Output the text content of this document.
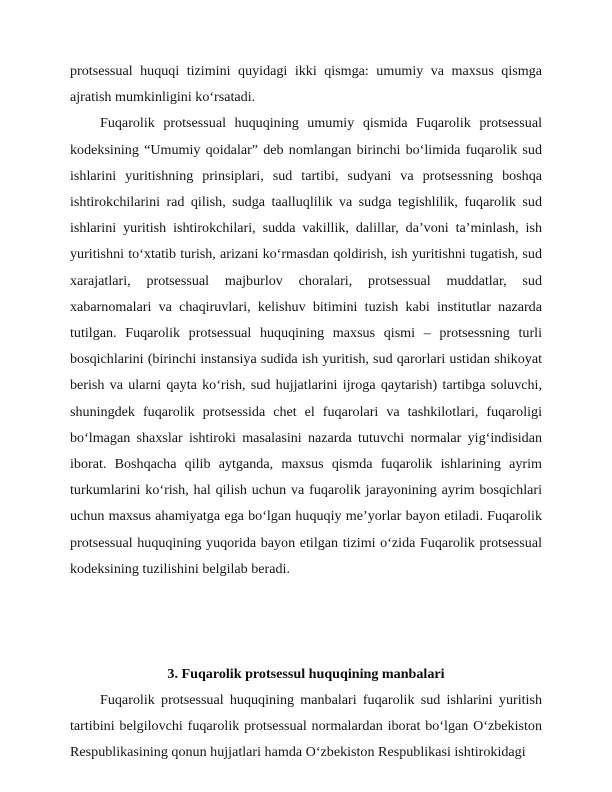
protsessual huquqi tizimini quyidagi ikki qismga: umumiy va maxsus qismga ajratish mumkinligini ko‘rsatadi.

Fuqarolik protsessual huquqining umumiy qismida Fuqarolik protsessual kodeksining “Umumiy qoidalar” deb nomlangan birinchi bo‘limida fuqarolik sud ishlarini yuritishning prinsiplari, sud tartibi, sudyani va protsessning boshqa ishtirokchilarini rad qilish, sudga taalluqlilik va sudga tegishlilik, fuqarolik sud ishlarini yuritish ishtirokchilari, sudda vakillik, dalillar, da’voni ta’minlash, ish yuritishni to‘xtatib turish, arizani ko‘rmasdan qoldirish, ish yuritishni tugatish, sud xarajatlari, protsessual majburlov choralari, protsessual muddatlar, sud xabarnomalari va chaqiruvlari, kelishuv bitimini tuzish kabi institutlar nazarda tutilgan. Fuqarolik protsessual huquqining maxsus qismi – protsessning turli bosqichlarini (birinchi instansiya sudida ish yuritish, sud qarorlari ustidan shikoyat berish va ularni qayta ko‘rish, sud hujjatlarini ijroga qaytarish) tartibga soluvchi, shuningdek fuqarolik protsessida chet el fuqarolari va tashkilotlari, fuqaroligi bo‘lmagan shaxslar ishtiroki masalasini nazarda tutuvchi normalar yig‘indisidan iborat. Boshqacha qilib aytganda, maxsus qismda fuqarolik ishlarining ayrim turkumlarini ko‘rish, hal qilish uchun va fuqarolik jarayonining ayrim bosqichlari uchun maxsus ahamiyatga ega bo‘lgan huquqiy me’yorlar bayon etiladi. Fuqarolik protsessual huquqining yuqorida bayon etilgan tizimi o‘zida Fuqarolik protsessual kodeksining tuzilishini belgilab beradi.

3. Fuqarolik protsessul huquqining manbalari

Fuqarolik protsessual huquqining manbalari fuqarolik sud ishlarini yuritish tartibini belgilovchi fuqarolik protsessual normalardan iborat bo‘lgan O‘zbekiston Respublikasining qonun hujjatlari hamda O‘zbekiston Respublikasi ishtirokidagi
